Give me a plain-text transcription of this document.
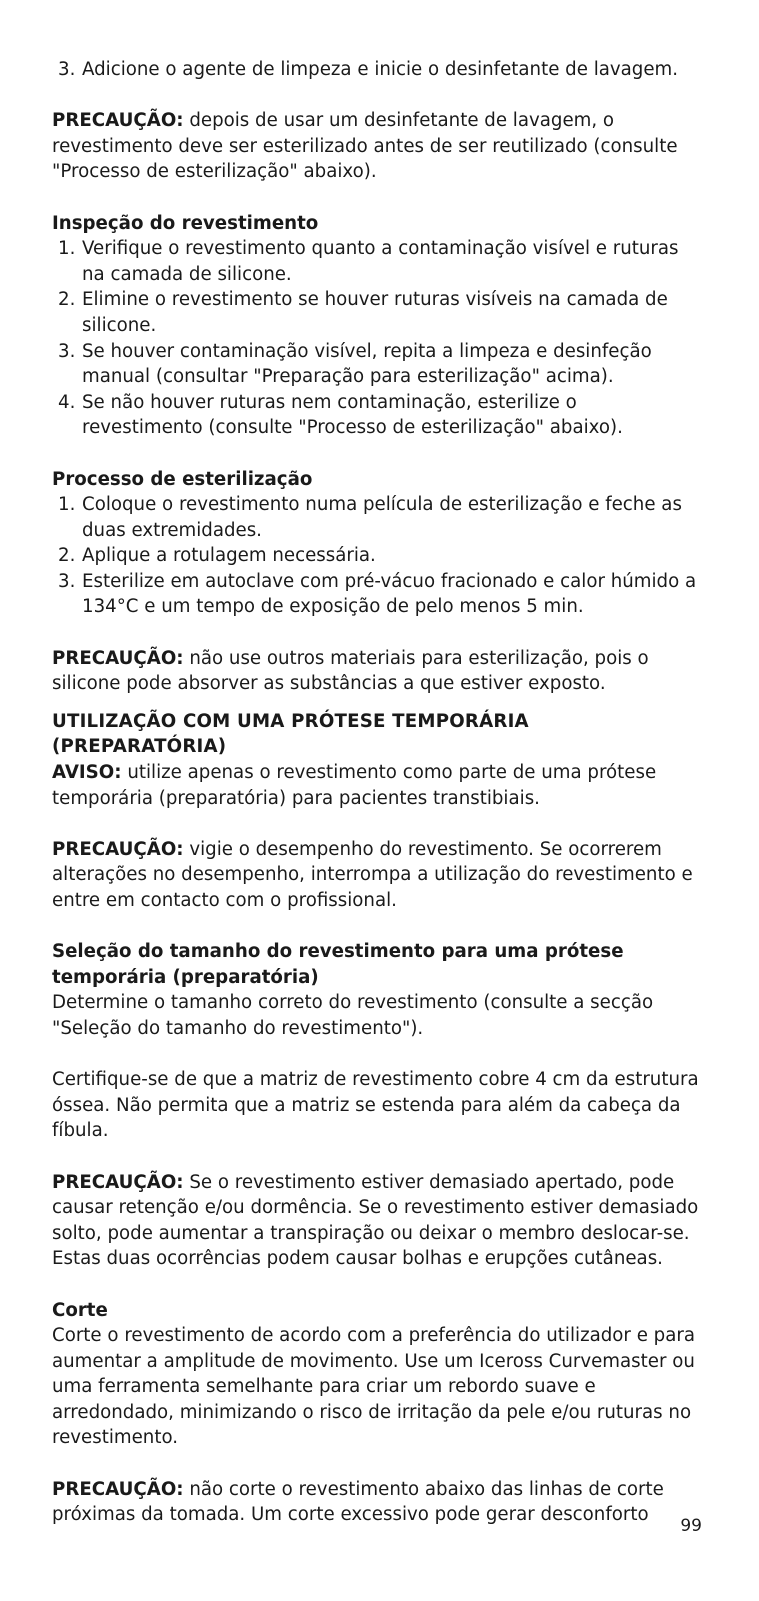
3. Adicione o agente de limpeza e inicie o desinfetante de lavagem.

PRECAUÇÃO: depois de usar um desinfetante de lavagem, o revestimento deve ser esterilizado antes de ser reutilizado (consulte "Processo de esterilização" abaixo).

Inspeção do revestimento

1. Verifique o revestimento quanto a contaminação visível e ruturas na camada de silicone.
2. Elimine o revestimento se houver ruturas visíveis na camada de silicone.
3. Se houver contaminação visível, repita a limpeza e desinfeção manual (consultar "Preparação para esterilização" acima).
4. Se não houver ruturas nem contaminação, esterilize o revestimento (consulte "Processo de esterilização" abaixo).

Processo de esterilização

1. Coloque o revestimento numa película de esterilização e feche as duas extremidades.
2. Aplique a rotulagem necessária.
3. Esterilize em autoclave com pré-vácuo fracionado e calor húmido a 134°C e um tempo de exposição de pelo menos 5 min.

PRECAUÇÃO: não use outros materiais para esterilização, pois o silicone pode absorver as substâncias a que estiver exposto.

UTILIZAÇÃO COM UMA PRÓTESE TEMPORÁRIA (PREPARATÓRIA)

AVISO: utilize apenas o revestimento como parte de uma prótese temporária (preparatória) para pacientes transtibiais.

PRECAUÇÃO: vigie o desempenho do revestimento. Se ocorrerem alterações no desempenho, interrompa a utilização do revestimento e entre em contacto com o profissional.

Seleção do tamanho do revestimento para uma prótese temporária (preparatória)

Determine o tamanho correto do revestimento (consulte a secção "Seleção do tamanho do revestimento").

Certifique-se de que a matriz de revestimento cobre 4 cm da estrutura óssea. Não permita que a matriz se estenda para além da cabeça da fíbula.

PRECAUÇÃO: Se o revestimento estiver demasiado apertado, pode causar retenção e/ou dormência. Se o revestimento estiver demasiado solto, pode aumentar a transpiração ou deixar o membro deslocar-se. Estas duas ocorrências podem causar bolhas e erupções cutâneas.

Corte

Corte o revestimento de acordo com a preferência do utilizador e para aumentar a amplitude de movimento. Use um Iceross Curvemaster ou uma ferramenta semelhante para criar um rebordo suave e arredondado, minimizando o risco de irritação da pele e/ou ruturas no revestimento.

PRECAUÇÃO: não corte o revestimento abaixo das linhas de corte próximas da tomada. Um corte excessivo pode gerar desconforto

99
